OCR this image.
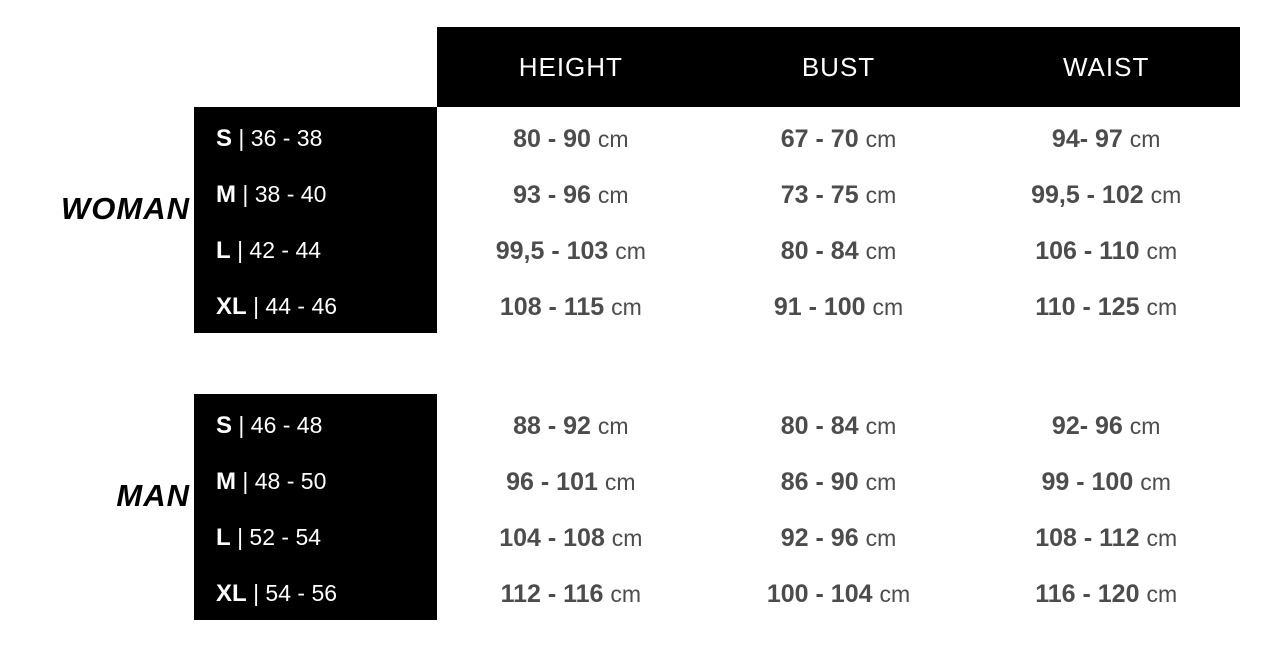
HEIGHT	BUST	WAIST
WOMAN
S | 36 - 38	80 - 90 cm	67 - 70 cm	94- 97 cm
M | 38 - 40	93 - 96 cm	73 - 75 cm	99,5 - 102 cm
L | 42 - 44	99,5 - 103 cm	80 - 84 cm	106 - 110 cm
XL | 44 - 46	108 - 115 cm	91 - 100 cm	110 - 125 cm
MAN
S | 46 - 48	88 - 92 cm	80 - 84 cm	92- 96 cm
M | 48 - 50	96 - 101 cm	86 - 90 cm	99 - 100 cm
L | 52 - 54	104 - 108 cm	92 - 96 cm	108 - 112 cm
XL | 54 - 56	112 - 116 cm	100 - 104 cm	116 - 120 cm
